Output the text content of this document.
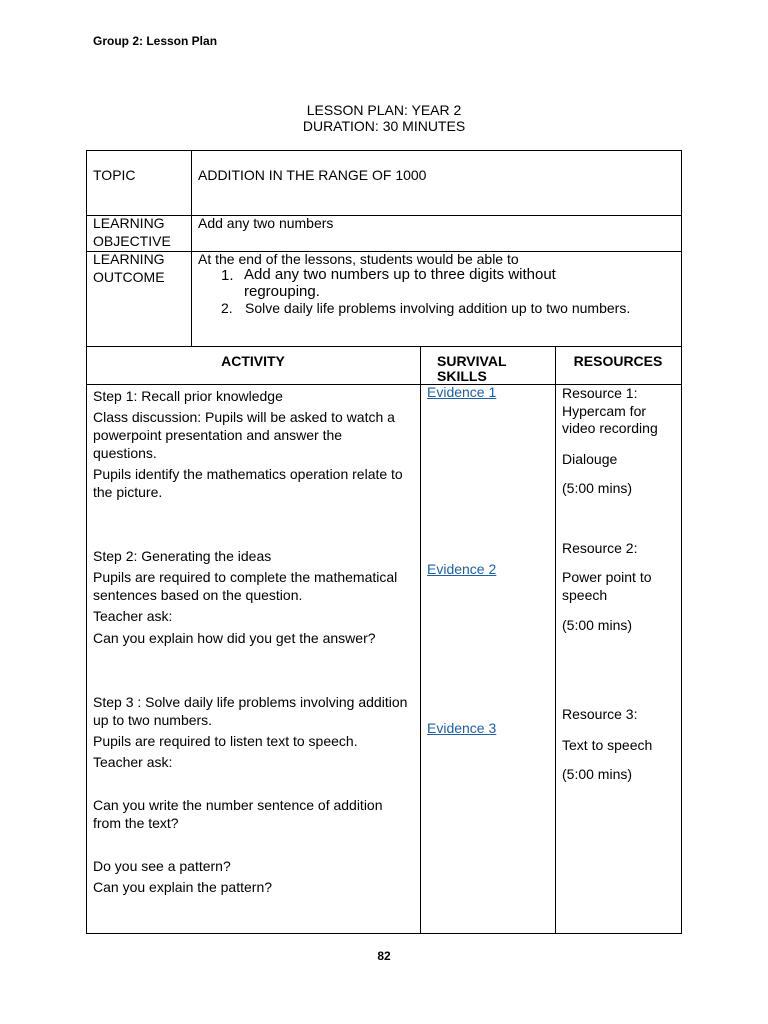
Group 2: Lesson Plan
LESSON PLAN: YEAR 2
DURATION: 30 MINUTES
TOPIC	ADDITION IN THE RANGE OF 1000
LEARNING
OBJECTIVE
Add any two numbers
LEARNING
OUTCOME
At the end of the lessons, students would be able to
1. Add any two numbers up to three digits without
regrouping.
2. Solve daily life problems involving addition up to two numbers.
ACTIVITY	SURVIVAL
SKILLS
RESOURCES
Step 1: Recall prior knowledge
Class discussion: Pupils will be asked to watch a
powerpoint presentation and answer the
questions.
Pupils identify the mathematics operation relate to
the picture.
Step 2: Generating the ideas
Pupils are required to complete the mathematical
sentences based on the question.
Teacher ask:
Can you explain how did you get the answer?
Step 3 : Solve daily life problems involving addition
up to two numbers.
Pupils are required to listen text to speech.
Teacher ask:
Can you write the number sentence of addition
from the text?
Do you see a pattern?
Can you explain the pattern?
Evidence 1
Evidence 2
Evidence 3
Resource 1:
Hypercam for
video recording
Dialouge
(5:00 mins)
Resource 2:
Power point to
speech
(5:00 mins)
Resource 3:
Text to speech
(5:00 mins)
82
